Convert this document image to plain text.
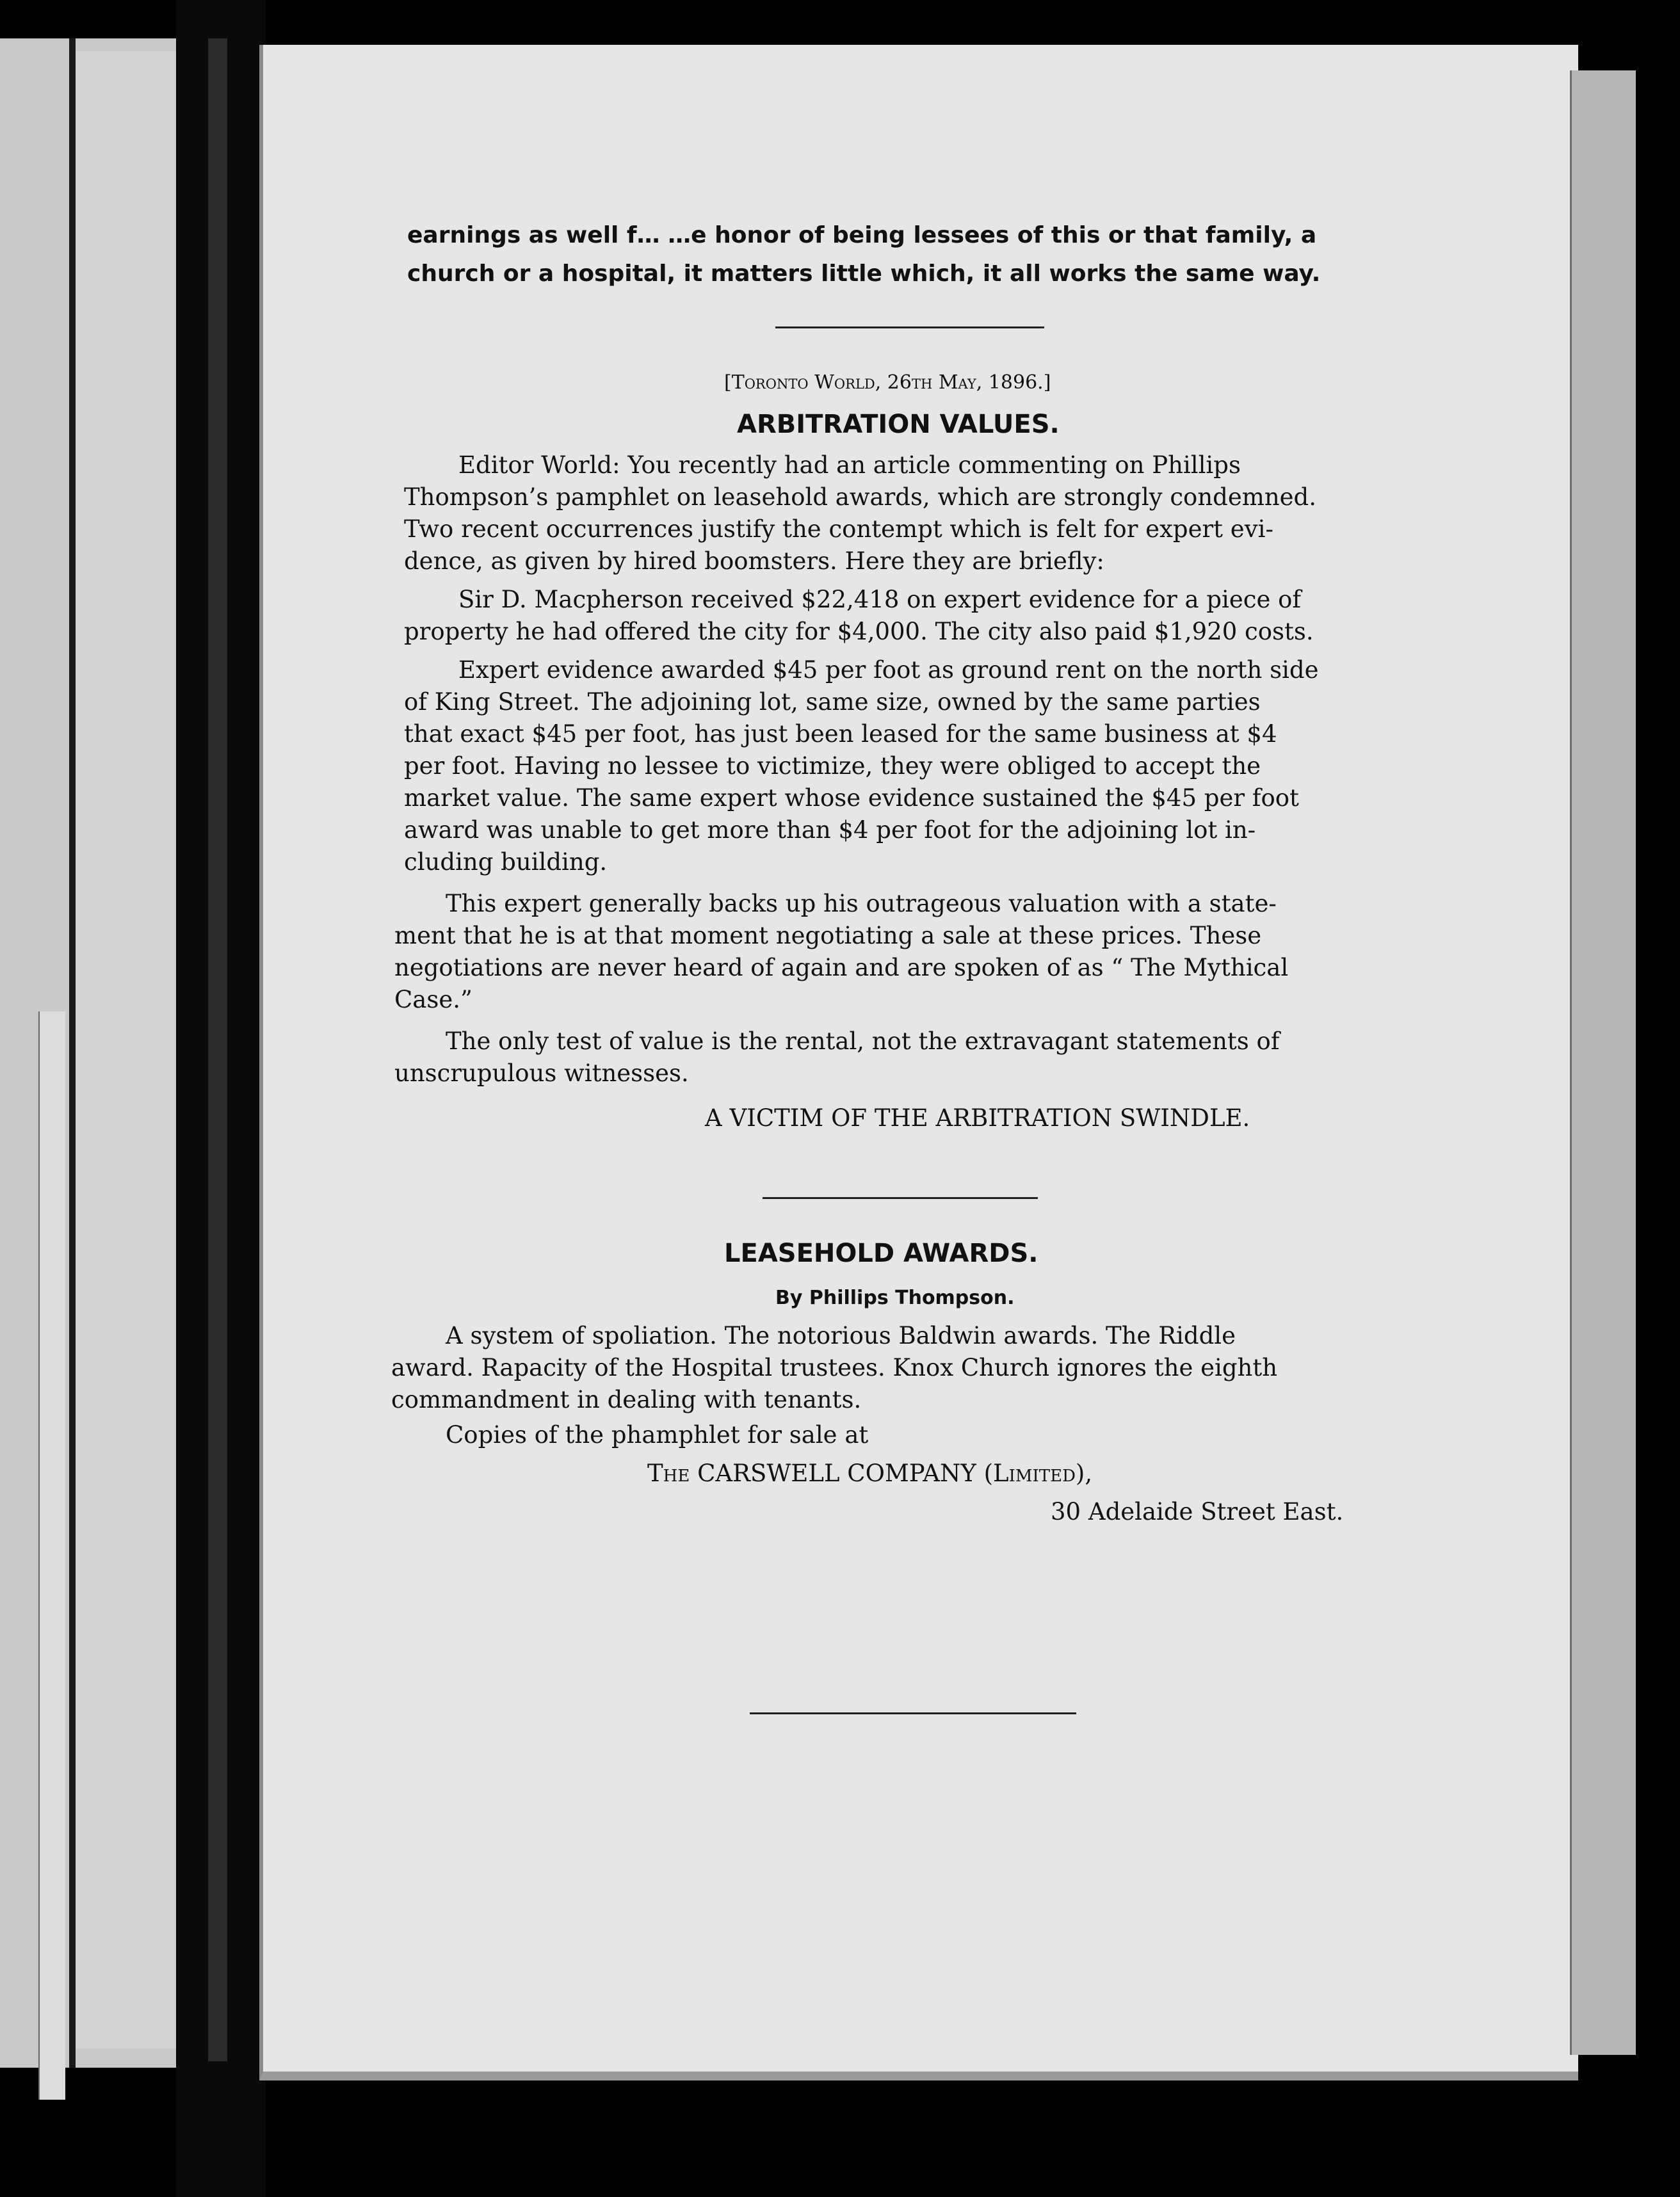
earnings as well f… …e honor of being lessees of this or that family, a
church or a hospital, it matters little which, it all works the same way.
[Toronto World, 26th May, 1896.]
ARBITRATION VALUES.
Editor World: You recently had an article commenting on Phillips
Thompson’s pamphlet on leasehold awards, which are strongly condemned.
Two recent occurrences justify the contempt which is felt for expert evi-
dence, as given by hired boomsters. Here they are briefly:
Sir D. Macpherson received $22,418 on expert evidence for a piece of
property he had offered the city for $4,000. The city also paid $1,920 costs.
Expert evidence awarded $45 per foot as ground rent on the north side
of King Street. The adjoining lot, same size, owned by the same parties
that exact $45 per foot, has just been leased for the same business at $4
per foot. Having no lessee to victimize, they were obliged to accept the
market value. The same expert whose evidence sustained the $45 per foot
award was unable to get more than $4 per foot for the adjoining lot in-
cluding building.
This expert generally backs up his outrageous valuation with a state-
ment that he is at that moment negotiating a sale at these prices. These
negotiations are never heard of again and are spoken of as “ The Mythical
Case.”
The only test of value is the rental, not the extravagant statements of
unscrupulous witnesses.
A VICTIM OF THE ARBITRATION SWINDLE.
LEASEHOLD AWARDS.
By Phillips Thompson.
A system of spoliation. The notorious Baldwin awards. The Riddle
award. Rapacity of the Hospital trustees. Knox Church ignores the eighth
commandment in dealing with tenants.
Copies of the phamphlet for sale at
The CARSWELL COMPANY (Limited),
30 Adelaide Street East.
